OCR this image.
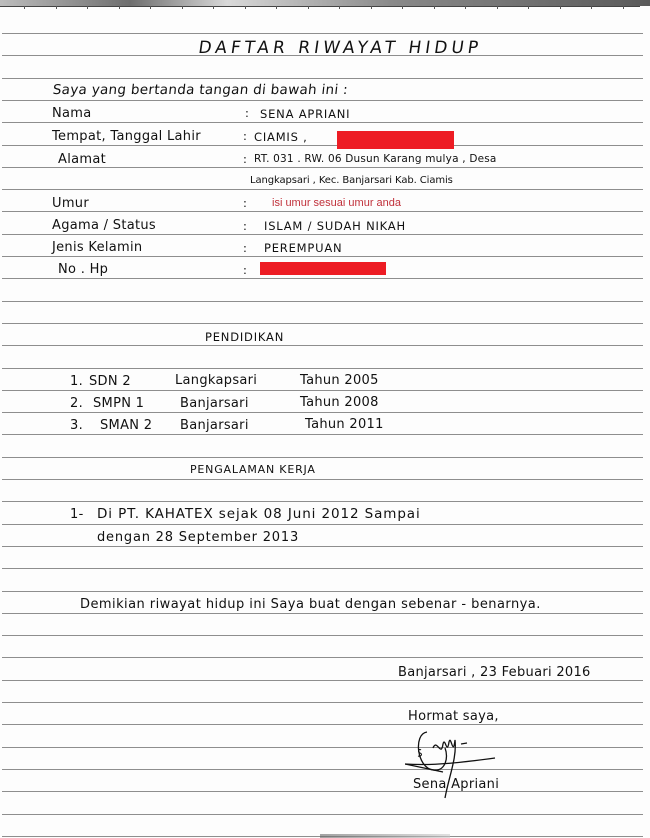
DAFTAR RIWAYAT HIDUP
Saya yang bertanda tangan di bawah ini :
Nama	: SENA APRIANI
Tempat, Tanggal Lahir	: CIAMIS ,
Alamat	: RT. 031 . RW. 06 Dusun Karang mulya , Desa
Langkapsari , Kec. Banjarsari Kab. Ciamis
Umur	: isi umur sesuai umur anda
Agama / Status	: ISLAM / SUDAH NIKAH
Jenis Kelamin	: PEREMPUAN
No . Hp	:
PENDIDIKAN
1. SDN 2	Langkapsari	Tahun 2005
2. SMPN 1	Banjarsari	Tahun 2008
3. SMAN 2 Banjarsari	Tahun 2011
PENGALAMAN KERJA
1- Di PT. KAHATEX sejak 08 Juni 2012 Sampai
dengan 28 September 2013
Demikian riwayat hidup ini Saya buat dengan sebenar - benarnya.
Banjarsari , 23 Febuari 2016
Hormat saya,
Sena Apriani
